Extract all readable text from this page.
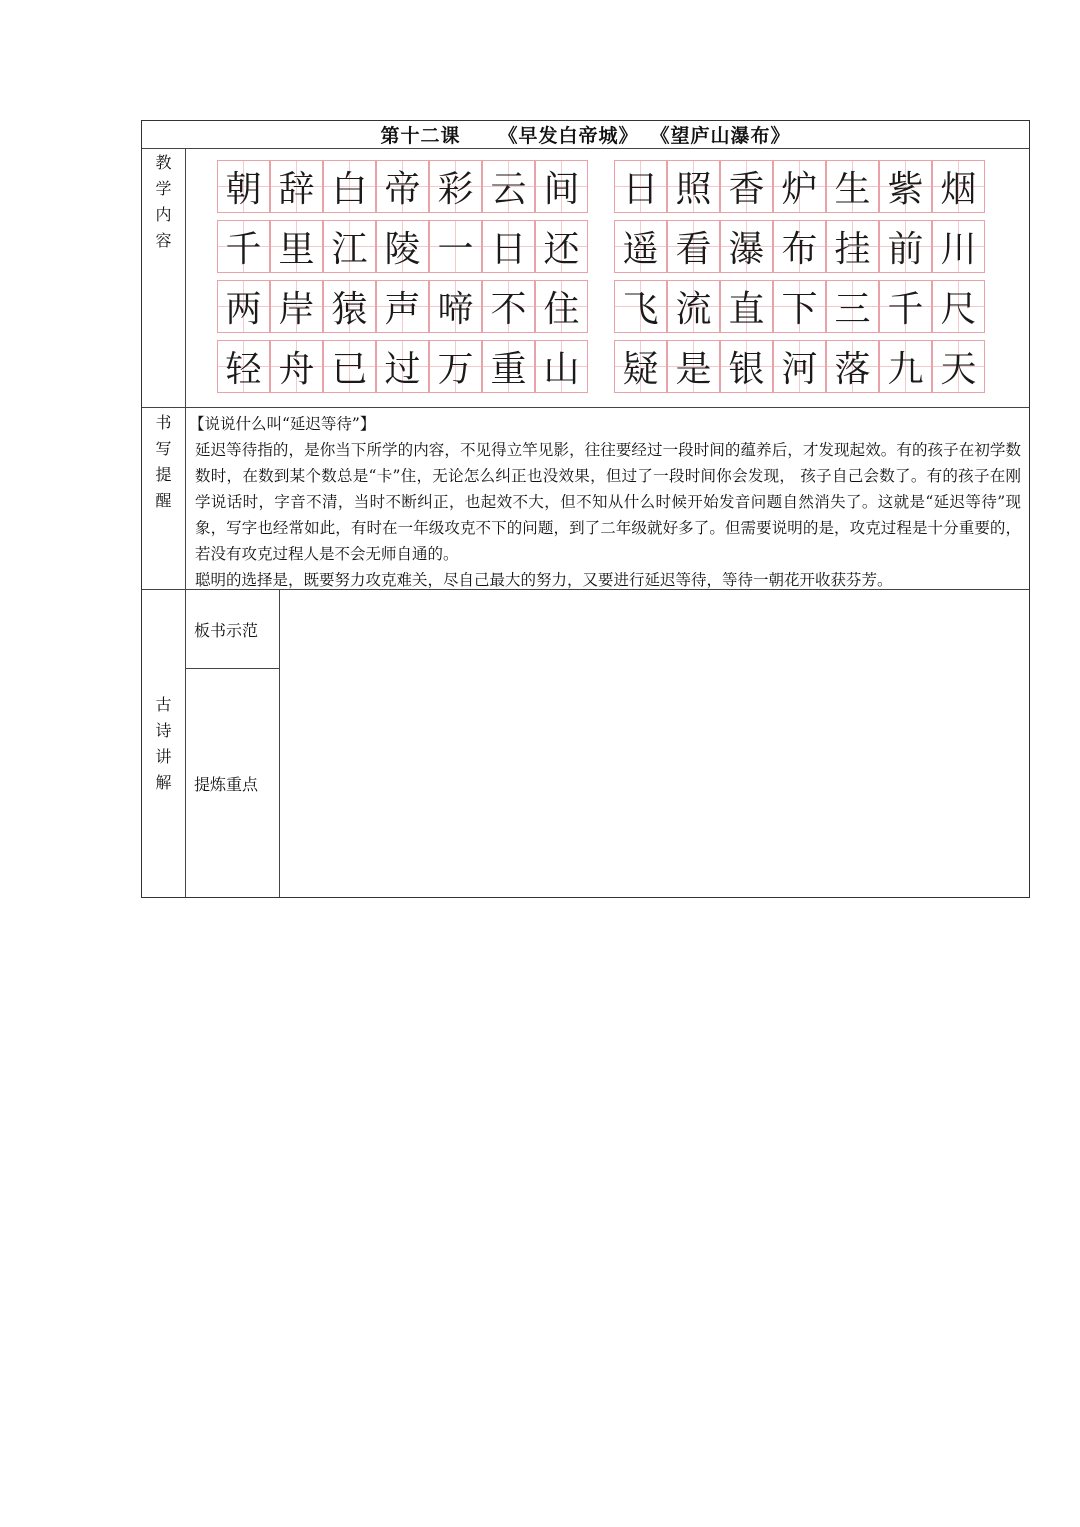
第十二课 《早发白帝城》 《望庐山瀑布》
教
学
内
容
朝 辞 白 帝 彩 云 间
千 里 江 陵 一 日 还
两 岸 猿 声 啼 不 住
轻 舟 已 过 万 重 山
日 照 香 炉 生 紫 烟
遥 看 瀑 布 挂 前 川
飞 流 直 下 三 千 尺
疑 是 银 河 落 九 天
书
写
提
醒

【说说什么叫“延迟等待”】

延迟等待指的，是你当下所学的内容，不见得立竿见影，往往要经过一段时间的蕴养后，才发现起效。有的孩子在初学数数时，在数到某个数总是“卡”住，无论怎么纠正也没效果，但过了一段时间你会发现， 孩子自己会数了。有的孩子在刚学说话时，字音不清，当时不断纠正，也起效不大，但不知从什么时候开始发音问题自然消失了。这就是“延迟等待”现象，写字也经常如此，有时在一年级攻克不下的问题，到了二年级就好多了。但需要说明的是，攻克过程是十分重要的，若没有攻克过程人是不会无师自通的。

聪明的选择是，既要努力攻克难关，尽自己最大的努力，又要进行延迟等待，等待一朝花开收获芬芳。

古
诗
讲
解
板书示范
提炼重点
